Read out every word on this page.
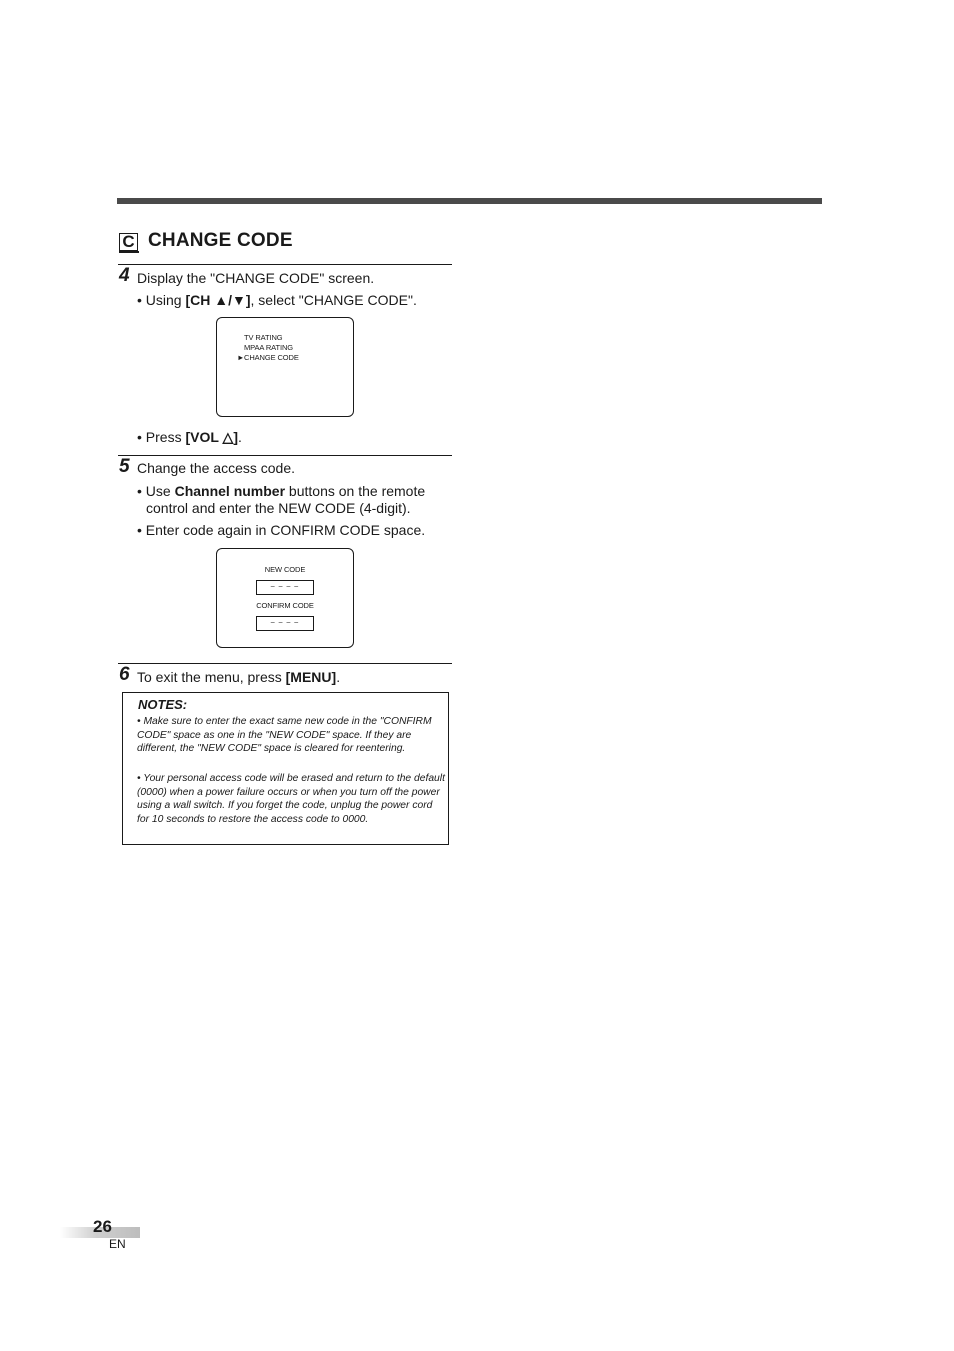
C CHANGE CODE
4 Display the "CHANGE CODE" screen.
• Using [CH ▲/▼], select "CHANGE CODE".
TV RATING
MPAA RATING
► CHANGE CODE
• Press [VOL △].
5 Change the access code.
• Use Channel number buttons on the remote
control and enter the NEW CODE (4-digit).
• Enter code again in CONFIRM CODE space.
NEW CODE
– – – –
CONFIRM CODE
– – – –
6 To exit the menu, press [MENU].
NOTES:
• Make sure to enter the exact same new code in the "CONFIRM CODE" space as one in the "NEW CODE" space. If they are different, the "NEW CODE" space is cleared for reentering.
• Your personal access code will be erased and return to the default (0000) when a power failure occurs or when you turn off the power using a wall switch. If you forget the code, unplug the power cord for 10 seconds to restore the access code to 0000.
26
EN
